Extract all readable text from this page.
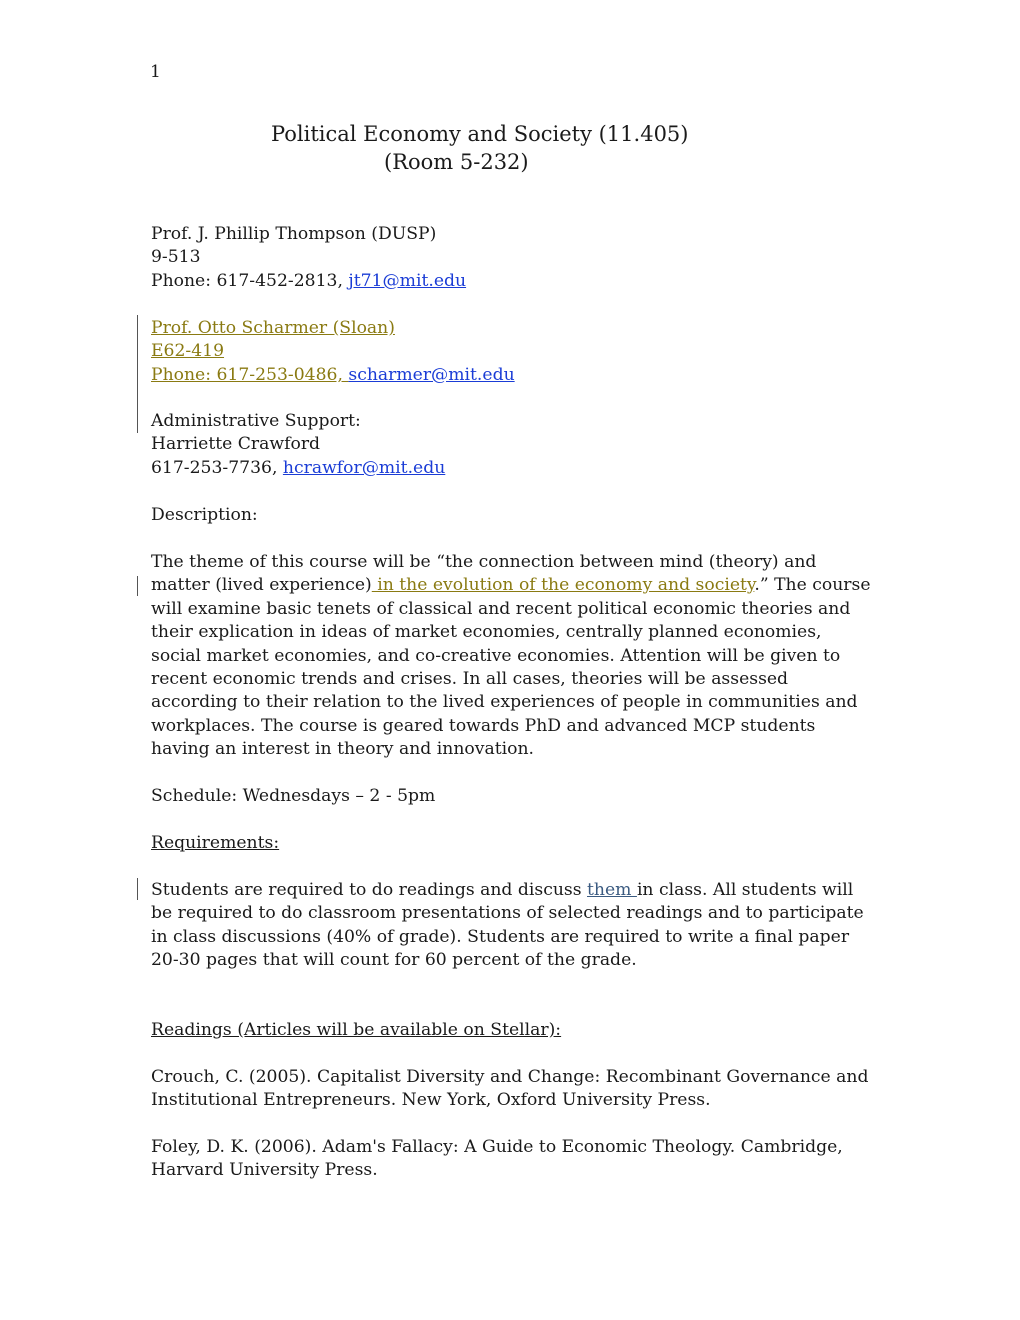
1
Political Economy and Society (11.405)
(Room 5-232)

Prof. J. Phillip Thompson (DUSP)

9-513

Phone: 617-452-2813, jt71@mit.edu

Prof. Otto Scharmer (Sloan)

E62-419

Phone: 617-253-0486, scharmer@mit.edu

Administrative Support:

Harriette Crawford

617-253-7736, hcrawfor@mit.edu

Description:

The theme of this course will be “the connection between mind (theory) and matter (lived experience) in the evolution of the economy and society.” The course will examine basic tenets of classical and recent political economic theories and their explication in ideas of market economies, centrally planned economies, social market economies, and co-creative economies. Attention will be given to recent economic trends and crises. In all cases, theories will be assessed according to their relation to the lived experiences of people in communities and workplaces. The course is geared towards PhD and advanced MCP students having an interest in theory and innovation.

Schedule: Wednesdays – 2 - 5pm
Requirements:

Students are required to do readings and discuss them in class. All students will be required to do classroom presentations of selected readings and to participate in class discussions (40% of grade). Students are required to write a final paper 20-30 pages that will count for 60 percent of the grade.

Readings (Articles will be available on Stellar):
Crouch, C. (2005). Capitalist Diversity and Change: Recombinant Governance and Institutional Entrepreneurs. New York, Oxford University Press.
Foley, D. K. (2006). Adam's Fallacy: A Guide to Economic Theology. Cambridge, Harvard University Press.
